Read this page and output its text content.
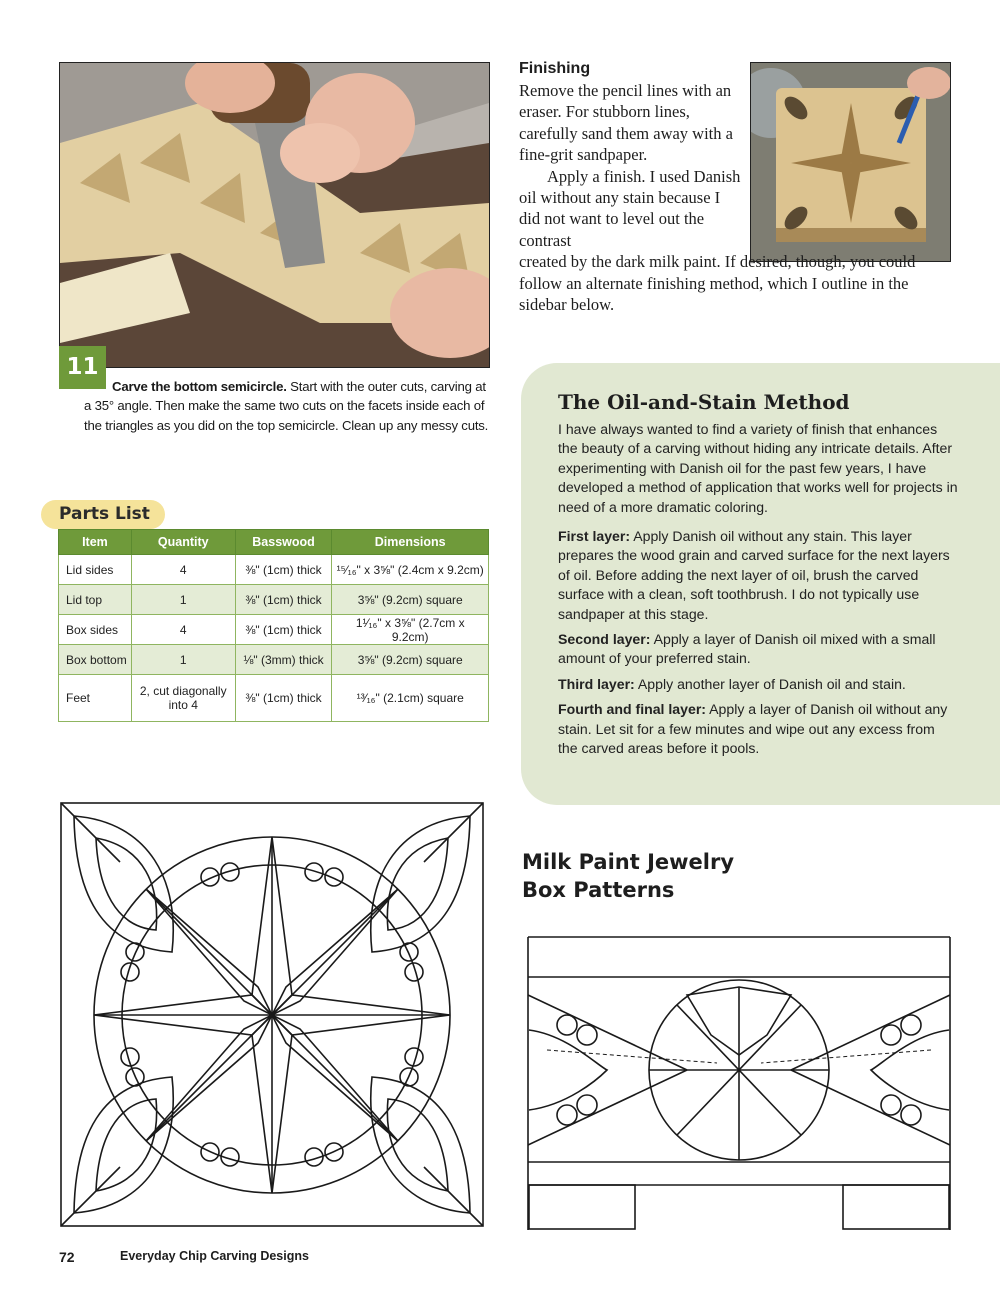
11
Carve the bottom semicircle. Start with the outer cuts, carving at a 35° angle. Then make the same two cuts on the facets inside each of the triangles as you did on the top semicircle. Clean up any messy cuts.
Finishing

Remove the pencil lines with an eraser. For stubborn lines, carefully sand them away with a fine-grit sandpaper.

Apply a finish. I used Danish oil without any stain because I did not want to level out the contrast

created by the dark milk paint. If desired, though, you could follow an alternate finishing method, which I outline in the sidebar below.

The Oil-and-Stain Method

I have always wanted to find a variety of finish that enhances the beauty of a carving without hiding any intricate details. After experimenting with Danish oil for the past few years, I have developed a method of application that works well for projects in need of a more dramatic coloring.

First layer: Apply Danish oil without any stain. This layer prepares the wood grain and carved surface for the next layers of oil. Before adding the next layer of oil, brush the carved surface with a clean, soft toothbrush. I do not typically use sandpaper at this stage.

Second layer: Apply a layer of Danish oil mixed with a small amount of your preferred stain.

Third layer: Apply another layer of Danish oil and stain.

Fourth and final layer: Apply a layer of Danish oil without any stain. Let sit for a few minutes and wipe out any excess from the carved areas before it pools.

Parts List
Item	Quantity	Basswood	Dimensions
Lid sides	4	⅜" (1cm) thick	¹⁵⁄₁₆" x 3⅝" (2.4cm x 9.2cm)
Lid top	1	⅜" (1cm) thick	3⅝" (9.2cm) square
Box sides	4	⅜" (1cm) thick	1¹⁄₁₆" x 3⅝" (2.7cm x 9.2cm)
Box bottom	1	⅛" (3mm) thick	3⅝" (9.2cm) square
Feet	2, cut diagonally into 4	⅜" (1cm) thick	¹³⁄₁₆" (2.1cm) square
Milk Paint Jewelry
Box Patterns
72	Everyday Chip Carving Designs
